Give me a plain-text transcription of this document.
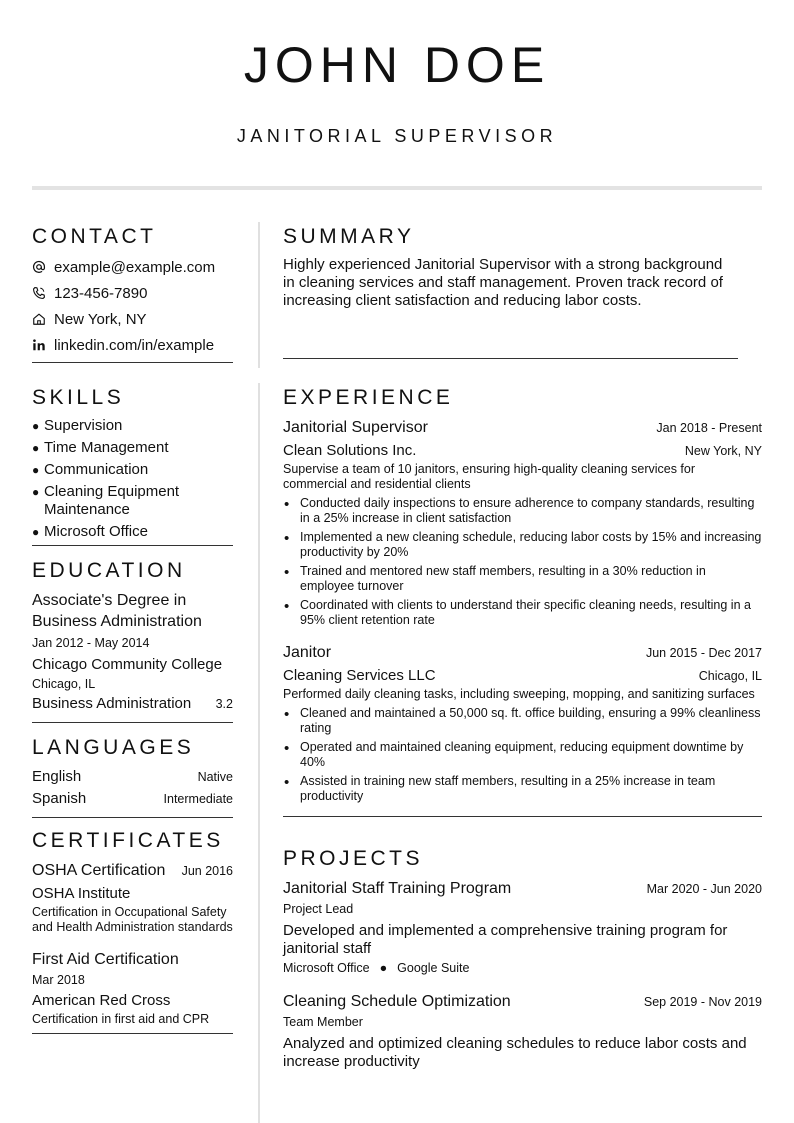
JOHN DOE
JANITORIAL SUPERVISOR
CONTACT
example@example.com
123-456-7890
New York, NY
linkedin.com/in/example
SKILLS
● Supervision
● Time Management
● Communication
● Cleaning Equipment Maintenance
● Microsoft Office
EDUCATION
Associate's Degree in Business Administration
Jan 2012 - May 2014
Chicago Community College
Chicago, IL
Business Administration 3.2
LANGUAGES
English	Native
Spanish	Intermediate
CERTIFICATES
OSHA Certification Jun 2016
OSHA Institute
Certification in Occupational Safety and Health Administration standards
First Aid Certification
Mar 2018
American Red Cross
Certification in first aid and CPR
SUMMARY
Highly experienced Janitorial Supervisor with a strong background in cleaning services and staff management. Proven track record of increasing client satisfaction and reducing labor costs.
EXPERIENCE
Janitorial Supervisor	Jan 2018 - Present
Clean Solutions Inc.	New York, NY
Supervise a team of 10 janitors, ensuring high-quality cleaning services for commercial and residential clients
• Conducted daily inspections to ensure adherence to company standards, resulting in a 25% increase in client satisfaction
• Implemented a new cleaning schedule, reducing labor costs by 15% and increasing productivity by 20%
• Trained and mentored new staff members, resulting in a 30% reduction in employee turnover
• Coordinated with clients to understand their specific cleaning needs, resulting in a 95% client retention rate
Janitor	Jun 2015 - Dec 2017
Cleaning Services LLC	Chicago, IL
Performed daily cleaning tasks, including sweeping, mopping, and sanitizing surfaces
• Cleaned and maintained a 50,000 sq. ft. office building, ensuring a 99% cleanliness rating
• Operated and maintained cleaning equipment, reducing equipment downtime by 40%
• Assisted in training new staff members, resulting in a 25% increase in team productivity
PROJECTS
Janitorial Staff Training Program	Mar 2020 - Jun 2020
Project Lead
Developed and implemented a comprehensive training program for janitorial staff
Microsoft Office ● Google Suite
Cleaning Schedule Optimization	Sep 2019 - Nov 2019
Team Member
Analyzed and optimized cleaning schedules to reduce labor costs and increase productivity
